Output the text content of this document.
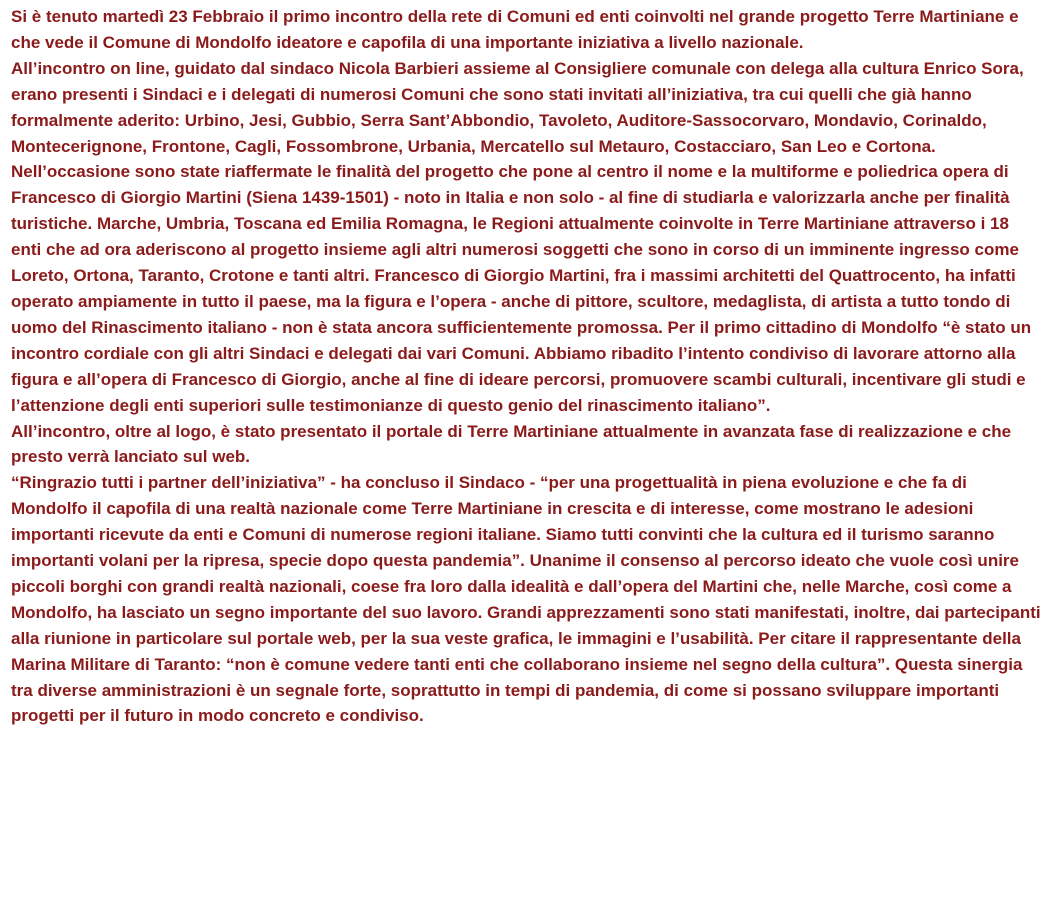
Si è tenuto martedì 23 Febbraio il primo incontro della rete di Comuni ed enti coinvolti nel grande progetto Terre Martiniane e che vede il Comune di Mondolfo ideatore e capofila di una importante iniziativa a livello nazionale.

All’incontro on line, guidato dal sindaco Nicola Barbieri assieme al Consigliere comunale con delega alla cultura Enrico Sora, erano presenti i Sindaci e i delegati di numerosi Comuni che sono stati invitati all’iniziativa, tra cui quelli che già hanno formalmente aderito: Urbino, Jesi, Gubbio, Serra Sant’Abbondio, Tavoleto, Auditore-Sassocorvaro, Mondavio, Corinaldo, Montecerignone, Frontone, Cagli, Fossombrone, Urbania, Mercatello sul Metauro, Costacciaro, San Leo e Cortona.

Nell’occasione sono state riaffermate le finalità del progetto che pone al centro il nome e la multiforme e poliedrica opera di Francesco di Giorgio Martini (Siena 1439-1501) - noto in Italia e non solo - al fine di studiarla e valorizzarla anche per finalità turistiche. Marche, Umbria, Toscana ed Emilia Romagna, le Regioni attualmente coinvolte in Terre Martiniane attraverso i 18 enti che ad ora aderiscono al progetto insieme agli altri numerosi soggetti che sono in corso di un imminente ingresso come Loreto, Ortona, Taranto, Crotone e tanti altri. Francesco di Giorgio Martini, fra i massimi architetti del Quattrocento, ha infatti operato ampiamente in tutto il paese, ma la figura e l’opera - anche di pittore, scultore, medaglista, di artista a tutto tondo di uomo del Rinascimento italiano - non è stata ancora sufficientemente promossa. Per il primo cittadino di Mondolfo “è stato un incontro cordiale con gli altri Sindaci e delegati dai vari Comuni. Abbiamo ribadito l’intento condiviso di lavorare attorno alla figura e all’opera di Francesco di Giorgio, anche al fine di ideare percorsi, promuovere scambi culturali, incentivare gli studi e l’attenzione degli enti superiori sulle testimonianze di questo genio del rinascimento italiano”.

All’incontro, oltre al logo, è stato presentato il portale di Terre Martiniane attualmente in avanzata fase di realizzazione e che presto verrà lanciato sul web.

“Ringrazio tutti i partner dell’iniziativa” - ha concluso il Sindaco - “per una progettualità in piena evoluzione e che fa di Mondolfo il capofila di una realtà nazionale come Terre Martiniane in crescita e di interesse, come mostrano le adesioni importanti ricevute da enti e Comuni di numerose regioni italiane. Siamo tutti convinti che la cultura ed il turismo saranno importanti volani per la ripresa, specie dopo questa pandemia”. Unanime il consenso al percorso ideato che vuole così unire piccoli borghi con grandi realtà nazionali, coese fra loro dalla idealità e dall’opera del Martini che, nelle Marche, così come a Mondolfo, ha lasciato un segno importante del suo lavoro. Grandi apprezzamenti sono stati manifestati, inoltre, dai partecipanti alla riunione in particolare sul portale web, per la sua veste grafica, le immagini e l’usabilità. Per citare il rappresentante della Marina Militare di Taranto: “non è comune vedere tanti enti che collaborano insieme nel segno della cultura”. Questa sinergia tra diverse amministrazioni è un segnale forte, soprattutto in tempi di pandemia, di come si possano sviluppare importanti progetti per il futuro in modo concreto e condiviso.
